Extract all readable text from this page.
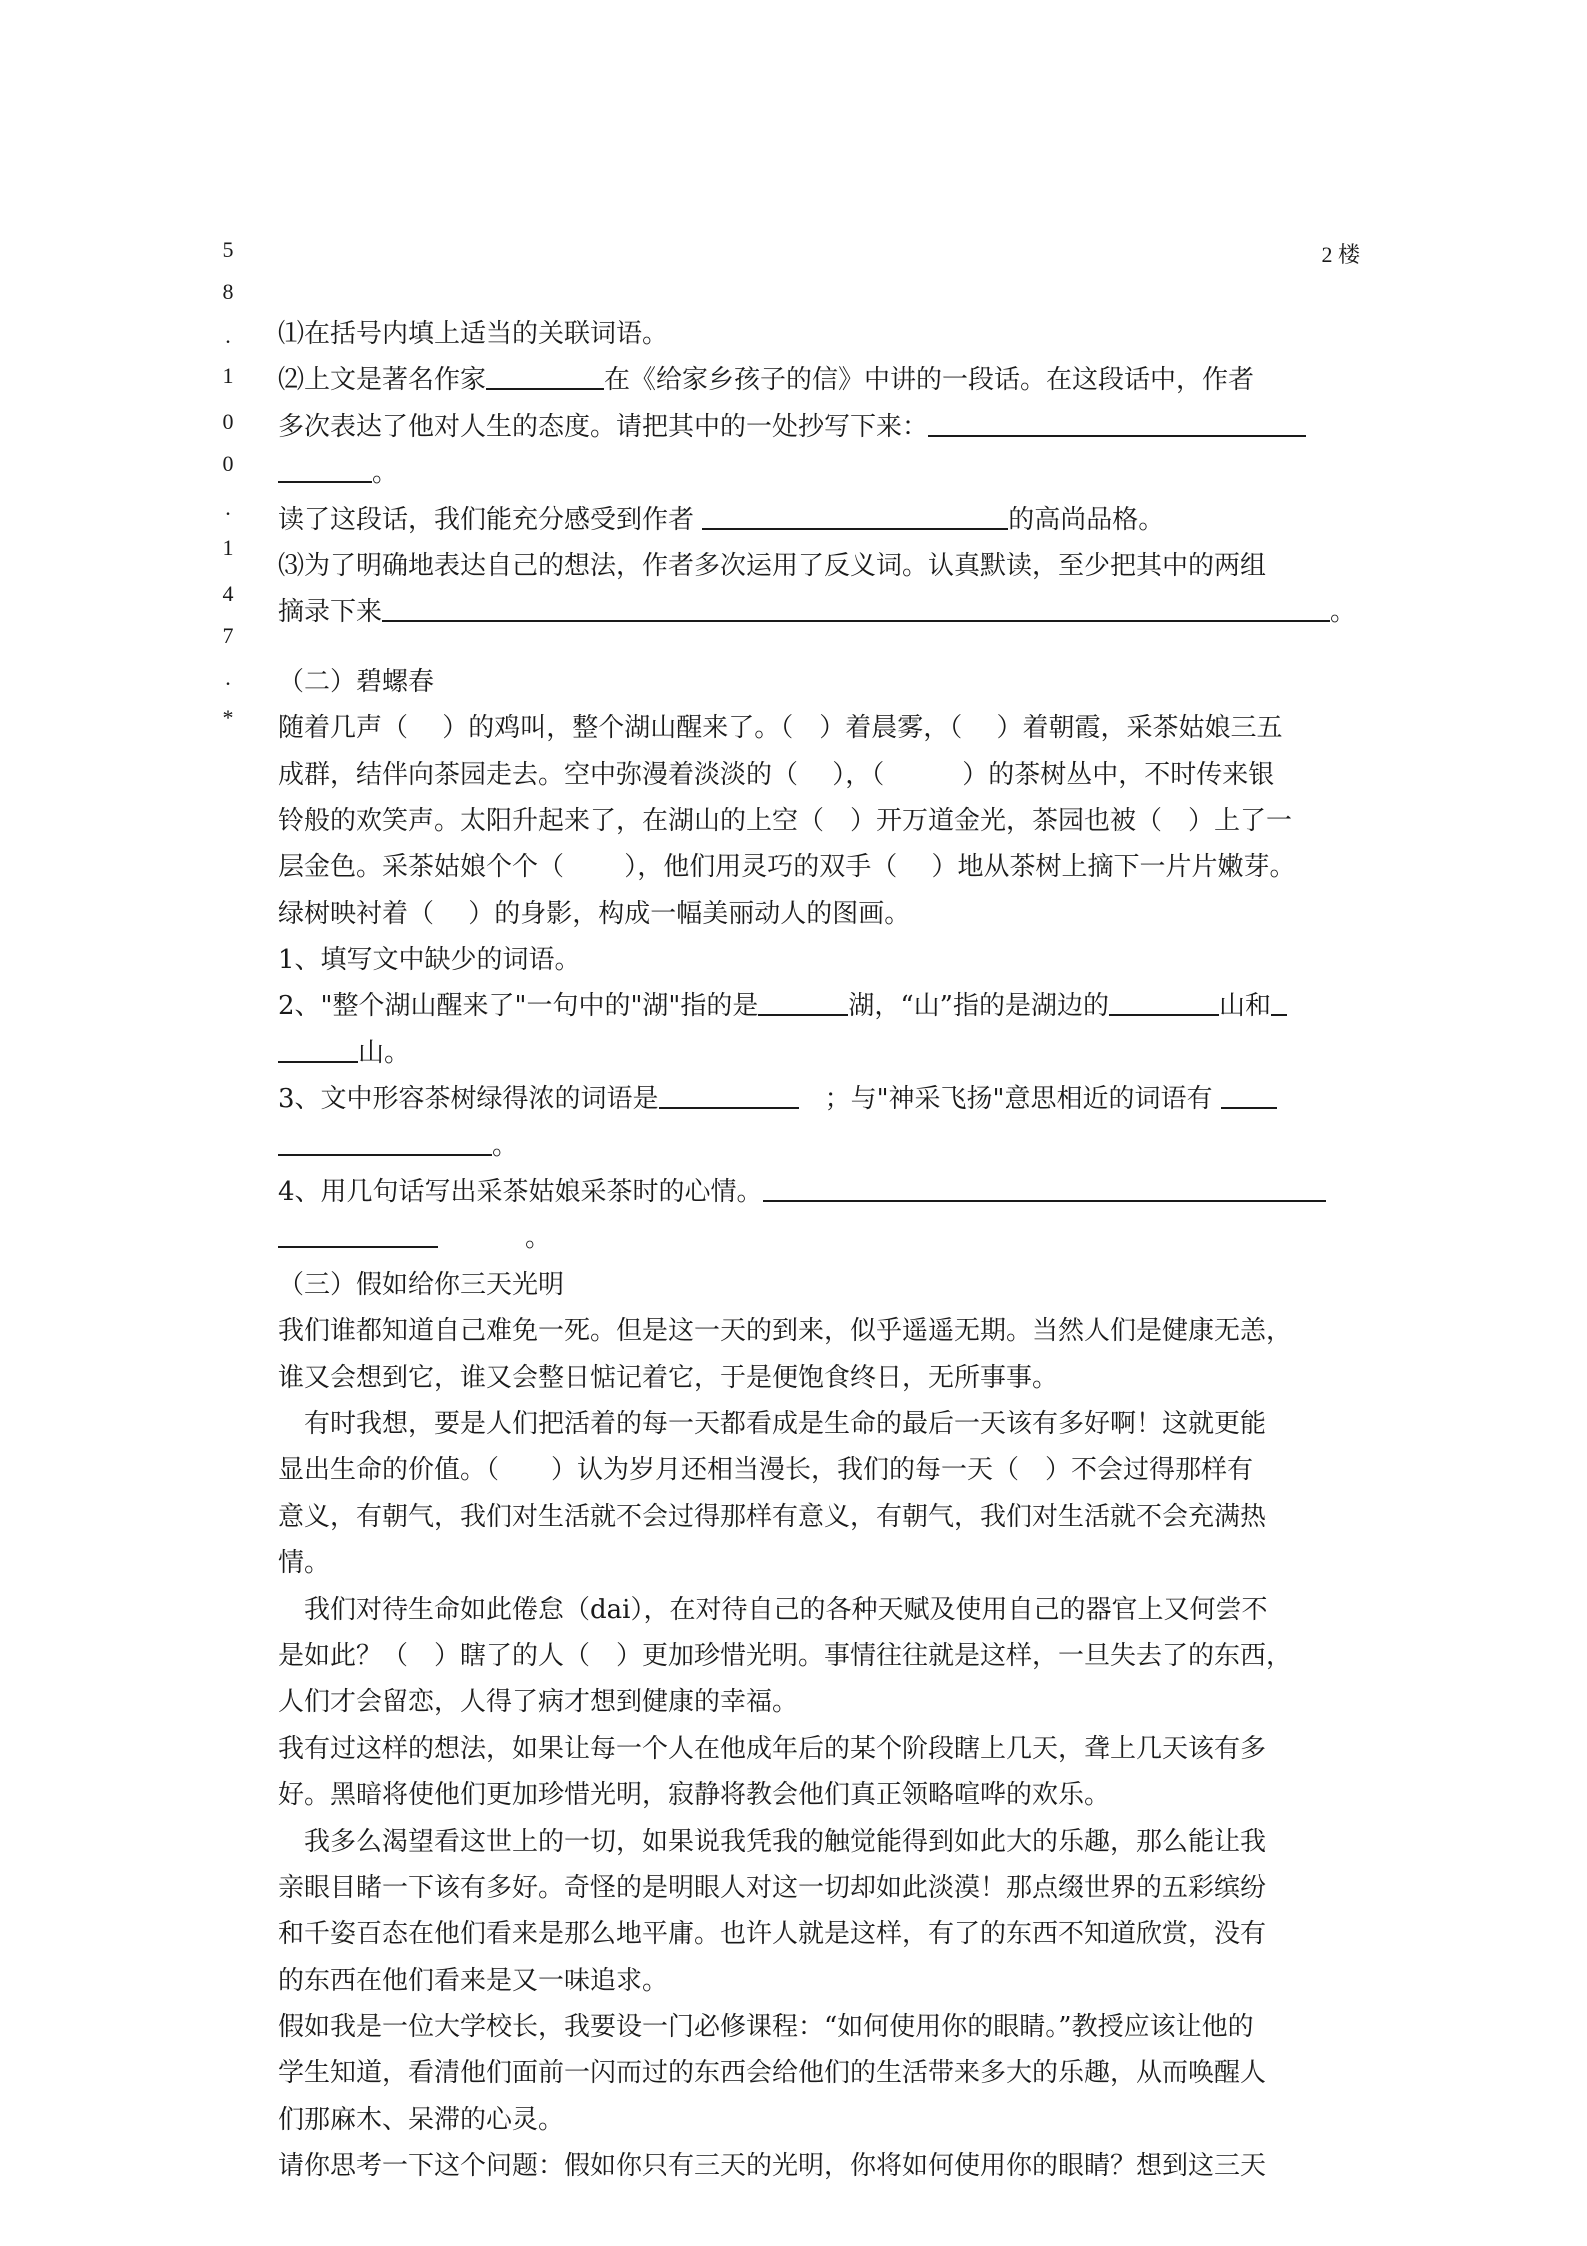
5
8
.
1
0
0
.
1
4
7
.
*
2 楼
⑴在括号内填上适当的关联词语。
⑵上文是著名作家	在《给家乡孩子的信》中讲的一段话。在这段话中，作者
多次表达了他对人生的态度。请把其中的一处抄写下来：
。
读了这段话，我们能充分感受到作者	的高尚品格。
⑶为了明确地表达自己的想法，作者多次运用了反义词。认真默读，至少把其中的两组
摘录下来	。
（二）碧螺春
随着几声（　 ）的鸡叫，整个湖山醒来了。（　）着晨雾，（　 ）着朝霞，采茶姑娘三五
成群，结伴向茶园走去。空中弥漫着淡淡的（　 ），（　　　）的茶树丛中，不时传来银
铃般的欢笑声。太阳升起来了，在湖山的上空（　）开万道金光，茶园也被（　）上了一
层金色。采茶姑娘个个（　　 ），他们用灵巧的双手（　 ）地从茶树上摘下一片片嫩芽。
绿树映衬着（　 ）的身影，构成一幅美丽动人的图画。
1、填写文中缺少的词语。
2、"整个湖山醒来了"一句中的"湖"指的是	湖，“山”指的是湖边的	山和
山。
3、文中形容茶树绿得浓的词语是　	；与"神采飞扬"意思相近的词语有
。
4、用几句话写出采茶姑娘采茶时的心情。
。
（三）假如给你三天光明
我们谁都知道自己难免一死。但是这一天的到来，似乎遥遥无期。当然人们是健康无恙，
谁又会想到它，谁又会整日惦记着它，于是便饱食终日，无所事事。
　有时我想，要是人们把活着的每一天都看成是生命的最后一天该有多好啊！这就更能
显出生命的价值。（　　）认为岁月还相当漫长，我们的每一天（　）不会过得那样有
意义，有朝气，我们对生活就不会过得那样有意义，有朝气，我们对生活就不会充满热
情。
　我们对待生命如此倦怠（dai），在对待自己的各种天赋及使用自己的器官上又何尝不
是如此？（　）瞎了的人（　）更加珍惜光明。事情往往就是这样，一旦失去了的东西，
人们才会留恋，人得了病才想到健康的幸福。
我有过这样的想法，如果让每一个人在他成年后的某个阶段瞎上几天，聋上几天该有多
好。黑暗将使他们更加珍惜光明，寂静将教会他们真正领略喧哗的欢乐。
　我多么渴望看这世上的一切，如果说我凭我的触觉能得到如此大的乐趣，那么能让我
亲眼目睹一下该有多好。奇怪的是明眼人对这一切却如此淡漠！那点缀世界的五彩缤纷
和千姿百态在他们看来是那么地平庸。也许人就是这样，有了的东西不知道欣赏，没有
的东西在他们看来是又一味追求。
假如我是一位大学校长，我要设一门必修课程：“如何使用你的眼睛。”教授应该让他的
学生知道，看清他们面前一闪而过的东西会给他们的生活带来多大的乐趣，从而唤醒人
们那麻木、呆滞的心灵。
请你思考一下这个问题：假如你只有三天的光明，你将如何使用你的眼睛？想到这三天
